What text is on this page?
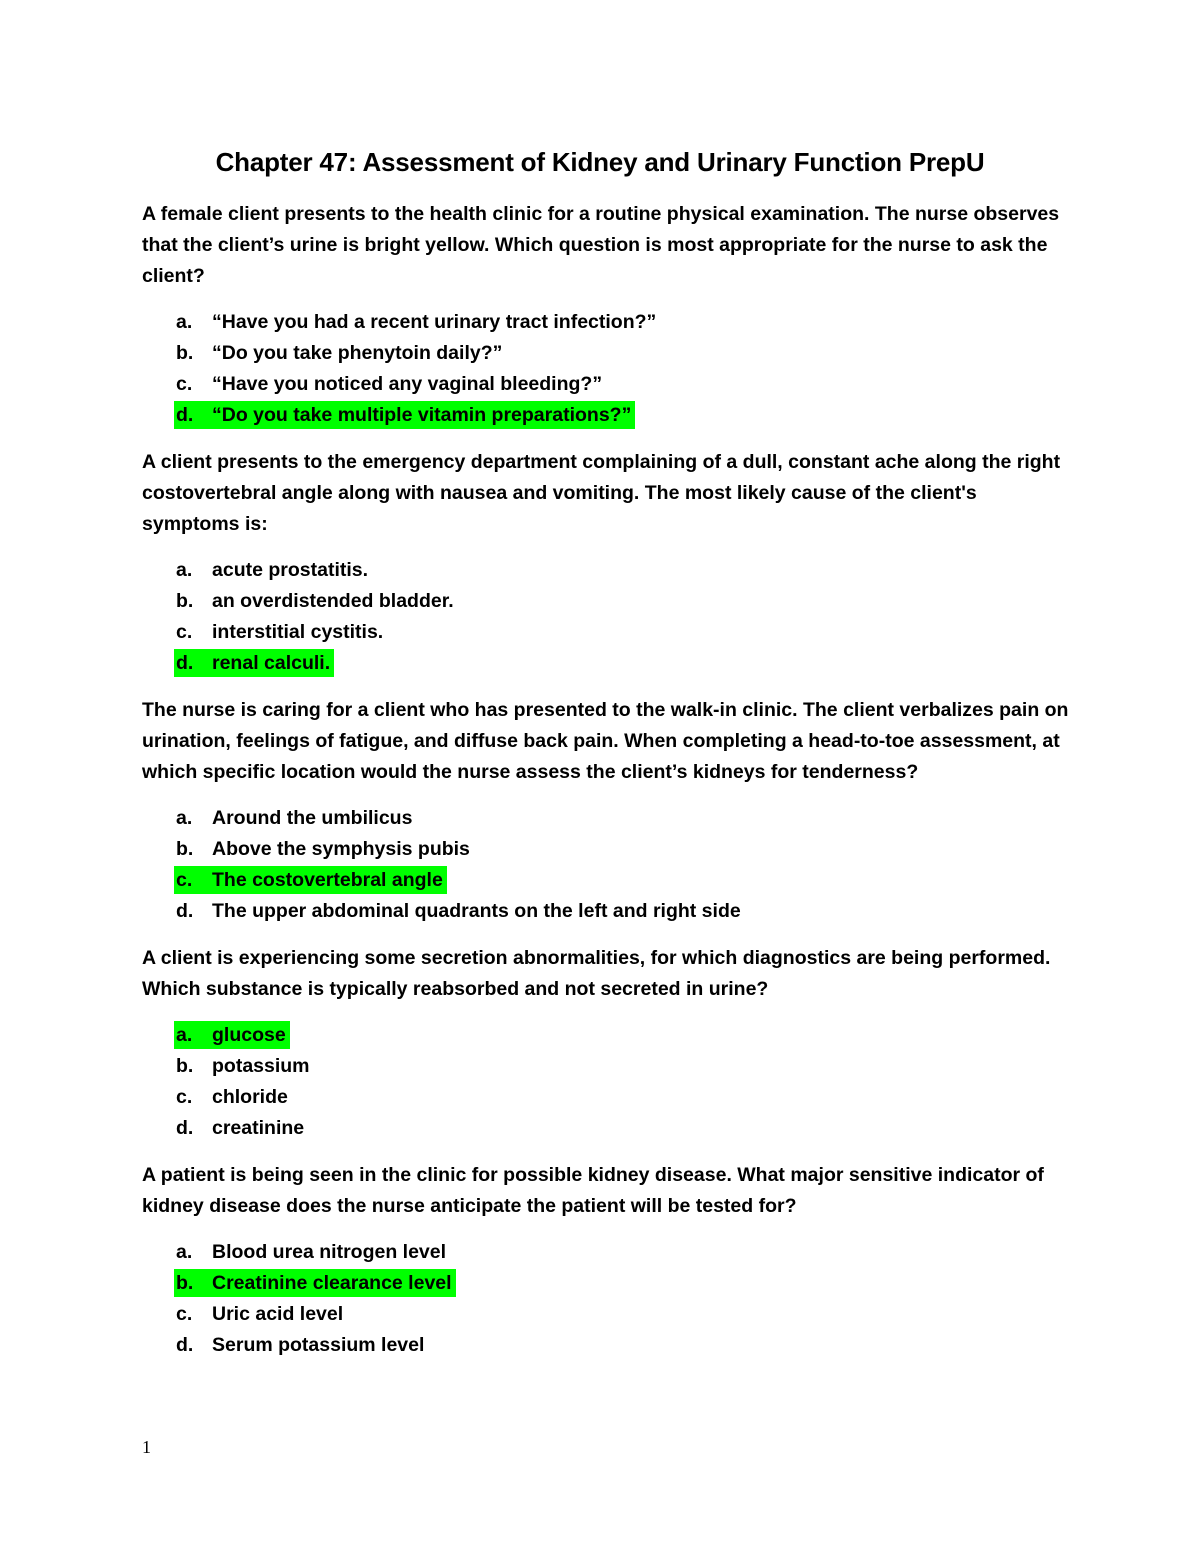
Chapter 47: Assessment of Kidney and Urinary Function PrepU

A female client presents to the health clinic for a routine physical examination. The nurse observes that the client’s urine is bright yellow. Which question is most appropriate for the nurse to ask the client?

a. “Have you had a recent urinary tract infection?”
b. “Do you take phenytoin daily?”
c. “Have you noticed any vaginal bleeding?”
d. “Do you take multiple vitamin preparations?”

A client presents to the emergency department complaining of a dull, constant ache along the right costovertebral angle along with nausea and vomiting. The most likely cause of the client's symptoms is:

a. acute prostatitis.
b. an overdistended bladder.
c. interstitial cystitis.
d. renal calculi.

The nurse is caring for a client who has presented to the walk-in clinic. The client verbalizes pain on urination, feelings of fatigue, and diffuse back pain. When completing a head-to-toe assessment, at which specific location would the nurse assess the client’s kidneys for tenderness?

a. Around the umbilicus
b. Above the symphysis pubis
c. The costovertebral angle
d. The upper abdominal quadrants on the left and right side

A client is experiencing some secretion abnormalities, for which diagnostics are being performed. Which substance is typically reabsorbed and not secreted in urine?

a. glucose
b. potassium
c. chloride
d. creatinine

A patient is being seen in the clinic for possible kidney disease. What major sensitive indicator of kidney disease does the nurse anticipate the patient will be tested for?

a. Blood urea nitrogen level
b. Creatinine clearance level
c. Uric acid level
d. Serum potassium level
1
